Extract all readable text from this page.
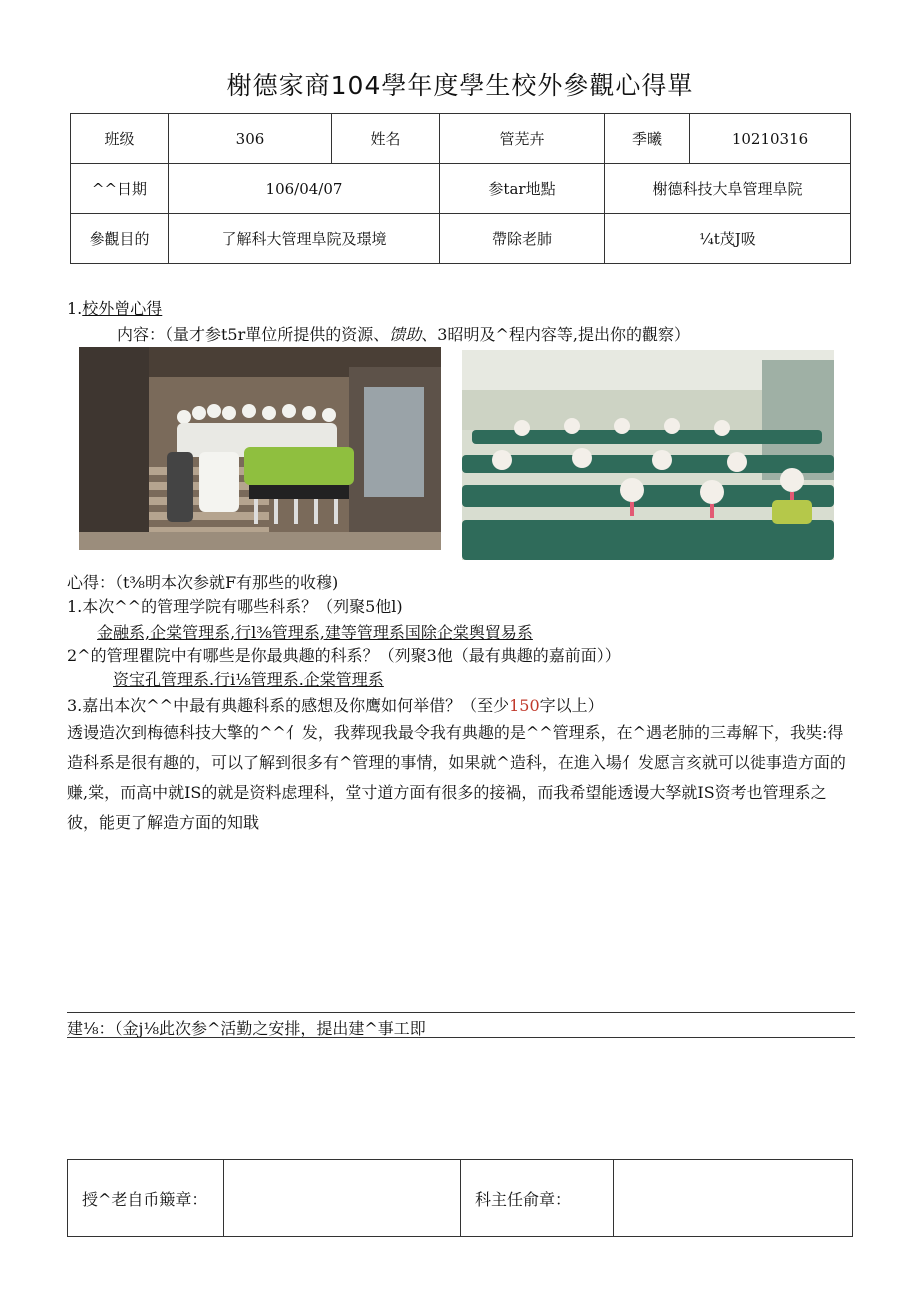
榭德家商104學年度學生校外參觀心得單
班级	306	姓名	管芜卉	季曦	10210316
^^日期	106/04/07		参tar地點	榭德科技大阜管理阜院	
參觀目的	了解科大管理阜院及璟境		帶除老肺	¼t茂J吸	
1.校外曾心得
内容：（量才参t5r單位所提供的资源、馈助、3昭明及^程内容等,提出你的觀察）
心得：（t⅜明本次参就F有那些的收穆)
1.本次^^的管理学院有哪些科系？（列聚5他l)
金融系,企棠管理系,行l⅜管理系,建等管理系国除企棠舆貿易系
2^的管理瞿院中有哪些是你最典趣的科系？（列聚3他（最有典趣的嘉前面））
资宝孔管理系.行i⅛管理系.企棠管理系
3.嘉出本次^^中最有典趣科系的感想及你鹰如何举借？（至少150字以上）
透谩造次到梅德科技大擎的^^亻发，我葬现我最令我有典趣的是^^管理系，在^遇老肺的三毒解下，我奘:得造科系是很有趣的，可以了解到很多有^管理的事情，如果就^造科，在進入場亻发愿言亥就可以徙事造方面的赚,棠，而高中就IS的就是资料虑理科，堂寸道方面有很多的接禍，而我希望能透谩大孥就IS资考也管理系之彼，能更了解造方面的知戢
建⅛：（金j⅛此次参^活勤之安排，提出建^事工即
授^老自币簸章：		科主任俞章：	
